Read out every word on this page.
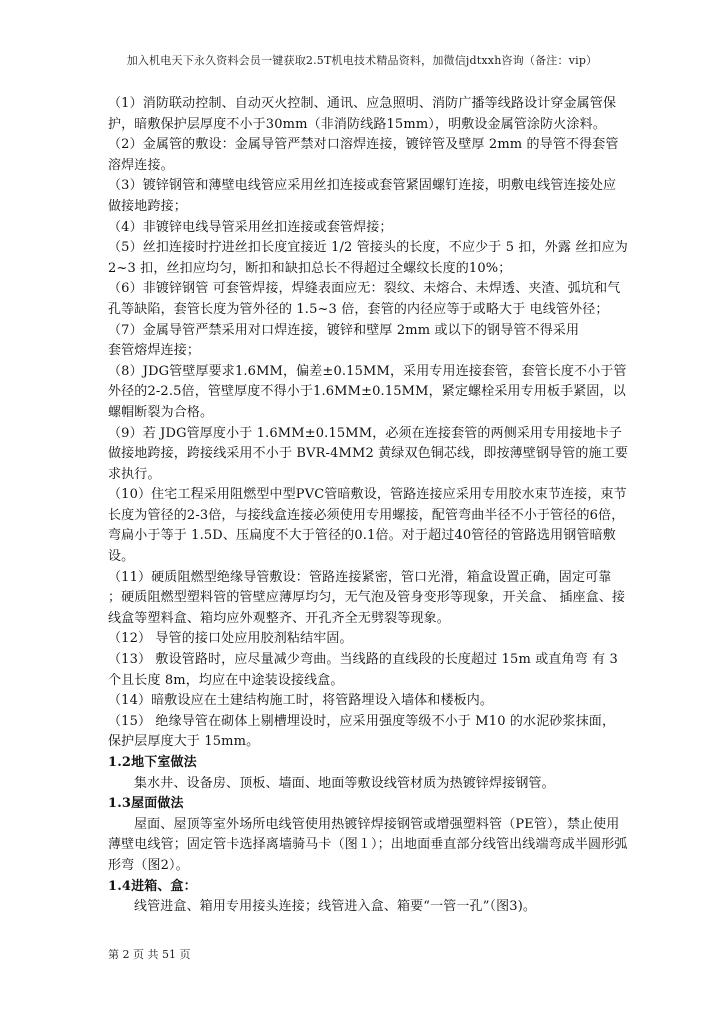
加入机电天下永久资料会员一键获取2.5T机电技术精品资料，加微信jdtxxh咨询（备注：vip）

（1）消防联动控制、自动灭火控制、通讯、应急照明、消防广播等线路设计穿金属管保护，暗敷保护层厚度不小于30mm（非消防线路15mm），明敷设金属管涂防火涂料。

（2）金属管的敷设：金属导管严禁对口溶焊连接，镀锌管及壁厚 2mm 的导管不得套管溶焊连接。

（3）镀锌钢管和薄壁电线管应采用丝扣连接或套管紧固螺钉连接，明敷电线管连接处应做接地跨接；

（4）非镀锌电线导管采用丝扣连接或套管焊接；

（5）丝扣连接时拧进丝扣长度宜接近 1/2 管接头的长度，不应少于 5 扣，外露 丝扣应为 2~3 扣，丝扣应均匀，断扣和缺扣总长不得超过全螺纹长度的10%；

（6）非镀锌钢管 可套管焊接，焊缝表面应无：裂纹、未熔合、未焊透、夹渣、弧坑和气孔等缺陷，套管长度为管外径的 1.5~3 倍，套管的内径应等于或略大于 电线管外径；

（7）金属导管严禁采用对口焊连接，镀锌和壁厚 2mm 或以下的钢导管不得采用

套管熔焊连接；

（8）JDG管壁厚要求1.6MM，偏差±0.15MM，采用专用连接套管，套管长度不小于管外径的2-2.5倍，管壁厚度不得小于1.6MM±0.15MM，紧定螺栓采用专用板手紧固，以螺帽断裂为合格。

（9）若 JDG管厚度小于 1.6MM±0.15MM，必须在连接套管的两侧采用专用接地卡子做接地跨接，跨接线采用不小于 BVR-4MM2 黄绿双色铜芯线，即按薄壁钢导管的施工要求执行。

（10）住宅工程采用阻燃型中型PVC管暗敷设，管路连接应采用专用胶水束节连接，束节长度为管径的2-3倍，与接线盒连接必须使用专用螺接，配管弯曲半径不小于管径的6倍，弯扁小于等于 1.5D、压扁度不大于管径的0.1倍。对于超过40管径的管路选用钢管暗敷设。

（11）硬质阻燃型绝缘导管敷设：管路连接紧密，管口光滑，箱盒设置正确，固定可靠 ；硬质阻燃型塑料管的管壁应薄厚均匀，无气泡及管身变形等现象，开关盒、 插座盒、接线盒等塑料盒、箱均应外观整齐、开孔齐全无劈裂等现象。

（12） 导管的接口处应用胶剂粘结牢固。

（13） 敷设管路时，应尽量减少弯曲。当线路的直线段的长度超过 15m 或直角弯 有 3 个且长度 8m，均应在中途装设接线盒。

（14）暗敷设应在土建结构施工时，将管路埋设入墙体和楼板内。

（15） 绝缘导管在砌体上剔槽埋设时，应采用强度等级不小于 M10 的水泥砂浆抹面，保护层厚度大于 15mm。

1.2地下室做法

集水井、设备房、顶板、墙面、地面等敷设线管材质为热镀锌焊接钢管。

1.3屋面做法

屋面、屋顶等室外场所电线管使用热镀锌焊接钢管或增强塑料管（PE管），禁止使用薄壁电线管；固定管卡选择离墙骑马卡（图１）；出地面垂直部分线管出线端弯成半圆形弧形弯（图2）。

1.4进箱、盒：

线管进盒、箱用专用接头连接；线管进入盒、箱要“一管一孔”（图3)。

第 2 页 共 51 页
